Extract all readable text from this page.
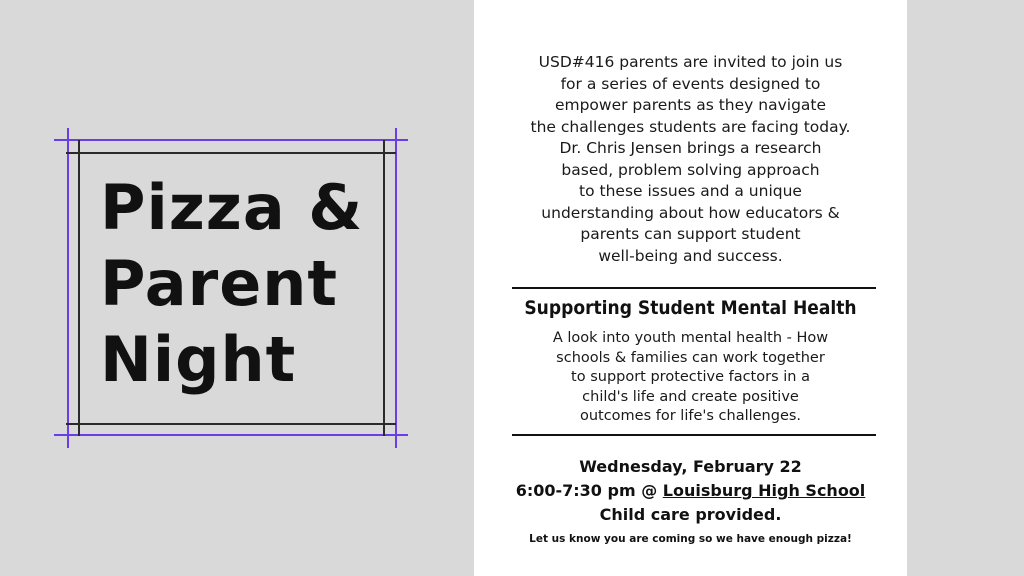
Pizza &
Parent
Night
USD#416 parents are invited to join us
for a series of events designed to
empower parents as they navigate
the challenges students are facing today.
Dr. Chris Jensen brings a research
based, problem solving approach
to these issues and a unique
understanding about how educators &
parents can support student
well-being and success.
Supporting Student Mental Health
A look into youth mental health - How
schools & families can work together
to support protective factors in a
child's life and create positive
outcomes for life's challenges.
Wednesday, February 22
6:00-7:30 pm @ Louisburg High School
Child care provided.
Let us know you are coming so we have enough pizza!
